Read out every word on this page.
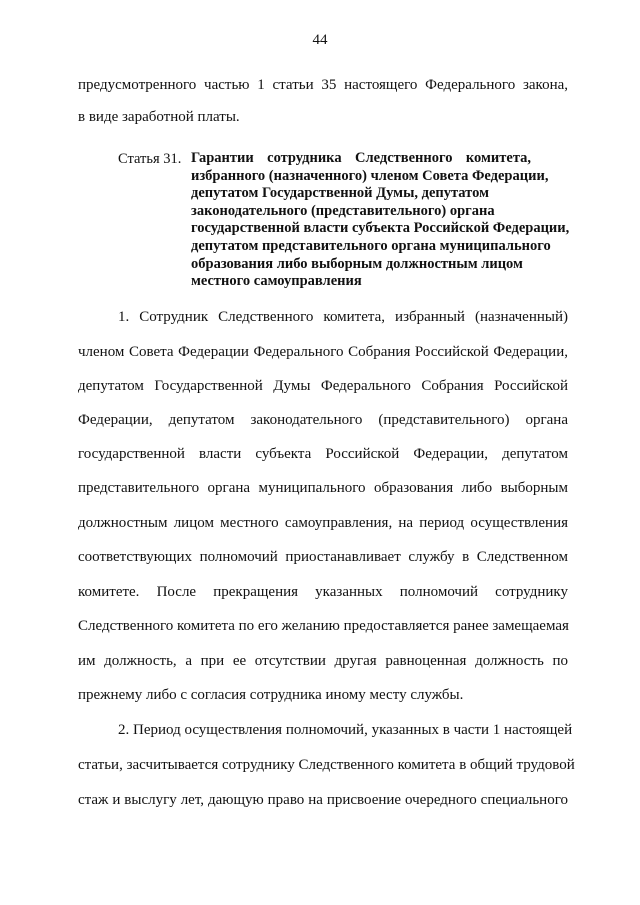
44
предусмотренного частью 1 статьи 35 настоящего Федерального закона,
в виде заработной платы.
Статья 31. Гарантии сотрудника Следственного комитета,
избранного (назначенного) членом Совета Федерации,
депутатом Государственной Думы, депутатом
законодательного (представительного) органа
государственной власти субъекта Российской Федерации,
депутатом представительного органа муниципального
образования либо выборным должностным лицом
местного самоуправления
1. Сотрудник Следственного комитета, избранный (назначенный)
членом Совета Федерации Федерального Собрания Российской Федерации,
депутатом Государственной Думы Федерального Собрания Российской
Федерации, депутатом законодательного (представительного) органа
государственной власти субъекта Российской Федерации, депутатом
представительного органа муниципального образования либо выборным
должностным лицом местного самоуправления, на период осуществления
соответствующих полномочий приостанавливает службу в Следственном
комитете. После прекращения указанных полномочий сотруднику
Следственного комитета по его желанию предоставляется ранее замещаемая
им должность, а при ее отсутствии другая равноценная должность по
прежнему либо с согласия сотрудника иному месту службы.
2. Период осуществления полномочий, указанных в части 1 настоящей
статьи, засчитывается сотруднику Следственного комитета в общий трудовой
стаж и выслугу лет, дающую право на присвоение очередного специального
